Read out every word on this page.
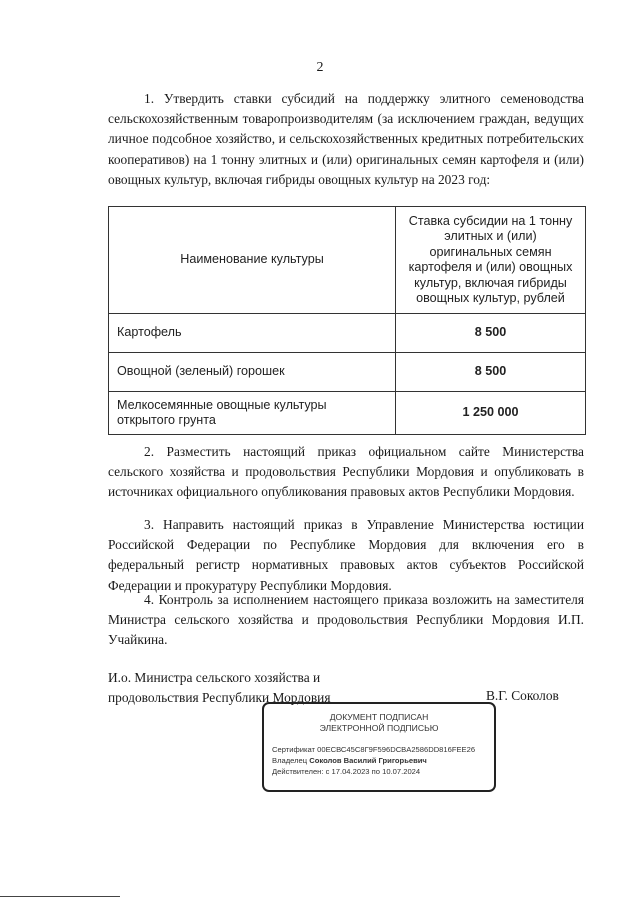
2

1. Утвердить ставки субсидий на поддержку элитного семеноводства сельскохозяйственным товаропроизводителям (за исключением граждан, ведущих личное подсобное хозяйство, и сельскохозяйственных кредитных потребительских кооперативов) на 1 тонну элитных и (или) оригинальных семян картофеля и (или) овощных культур, включая гибриды овощных культур на 2023 год:

Наименование культуры	Ставка субсидии на 1 тонну элитных и (или) оригинальных семян картофеля и (или) овощных культур, включая гибриды овощных культур, рублей
Картофель	8 500
Овощной (зеленый) горошек	8 500
Мелкосемянные овощные культуры открытого грунта	1 250 000

2. Разместить настоящий приказ официальном сайте Министерства сельского хозяйства и продовольствия Республики Мордовия и опубликовать в источниках официального опубликования правовых актов Республики Мордовия.

3. Направить настоящий приказ в Управление Министерства юстиции Российской Федерации по Республике Мордовия для включения его в федеральный регистр нормативных правовых актов субъектов Российской Федерации и прокуратуру Республики Мордовия.

4. Контроль за исполнением настоящего приказа возложить на заместителя Министра сельского хозяйства и продовольствия Республики Мордовия И.П. Учайкина.

И.о. Министра сельского хозяйства и
продовольствия Республики Мордовия	В.Г. Соколов
ДОКУМЕНТ ПОДПИСАН
ЭЛЕКТРОННОЙ ПОДПИСЬЮ
Сертификат 00ЕСВС45С8Г9F596DCBA2586DD816FEE26
Владелец Соколов Василий Григорьевич
Действителен: с 17.04.2023 по 10.07.2024
